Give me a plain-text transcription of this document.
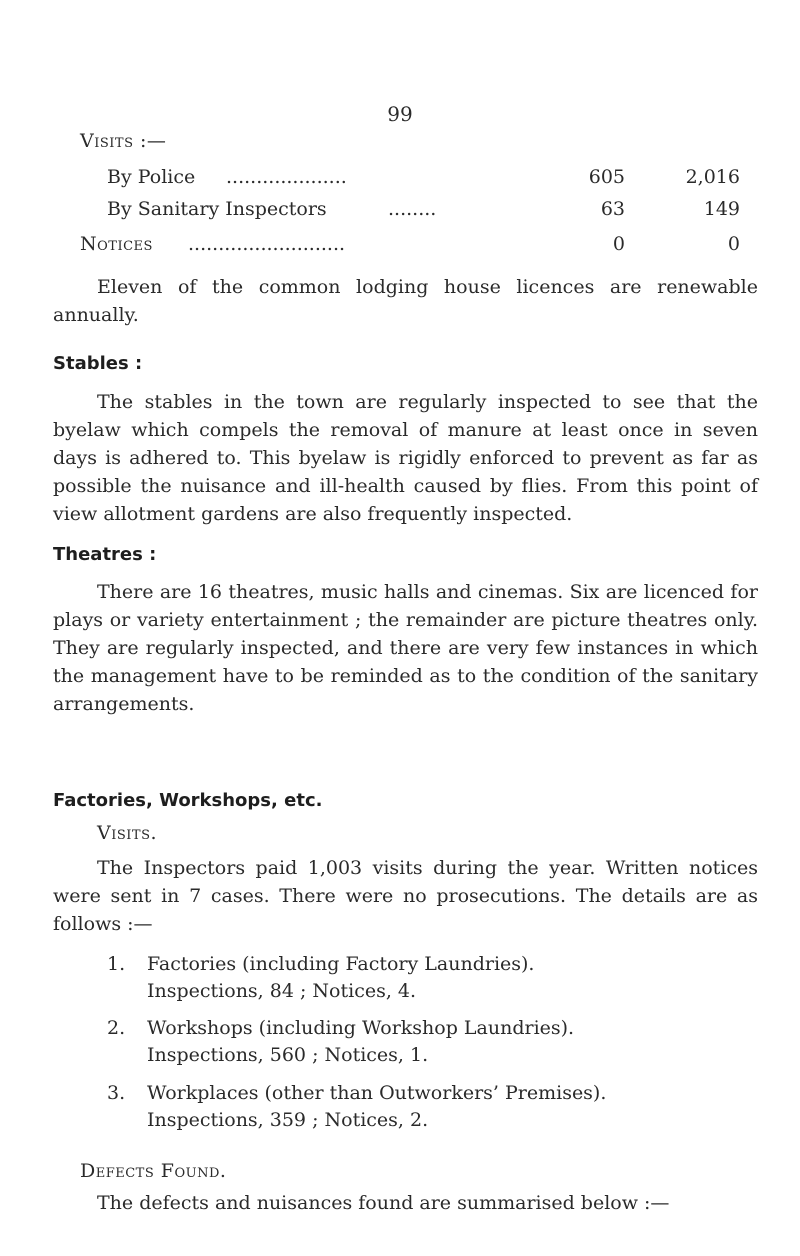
99
Visits :—
By Police ....................	605	2,016
By Sanitary Inspectors	........	63	149
Notices ..........................	0	0
Eleven of the common lodging house licences are renewable annually.
Stables :
The stables in the town are regularly inspected to see that the byelaw which compels the removal of manure at least once in seven days is adhered to. This byelaw is rigidly enforced to prevent as far as possible the nuisance and ill-health caused by flies. From this point of view allotment gardens are also frequently inspected.
Theatres :
There are 16 theatres, music halls and cinemas. Six are licenced for plays or variety entertainment ; the remainder are picture theatres only. They are regularly inspected, and there are very few instances in which the management have to be reminded as to the condition of the sanitary arrangements.
Factories, Workshops, etc.
Visits.
The Inspectors paid 1,003 visits during the year. Written notices were sent in 7 cases. There were no prosecutions. The details are as follows :—
1. Factories (including Factory Laundries).
Inspections, 84 ; Notices, 4.
2. Workshops (including Workshop Laundries).
Inspections, 560 ; Notices, 1.
3. Workplaces (other than Outworkers’ Premises).
Inspections, 359 ; Notices, 2.
Defects Found.
The defects and nuisances found are summarised below :—
